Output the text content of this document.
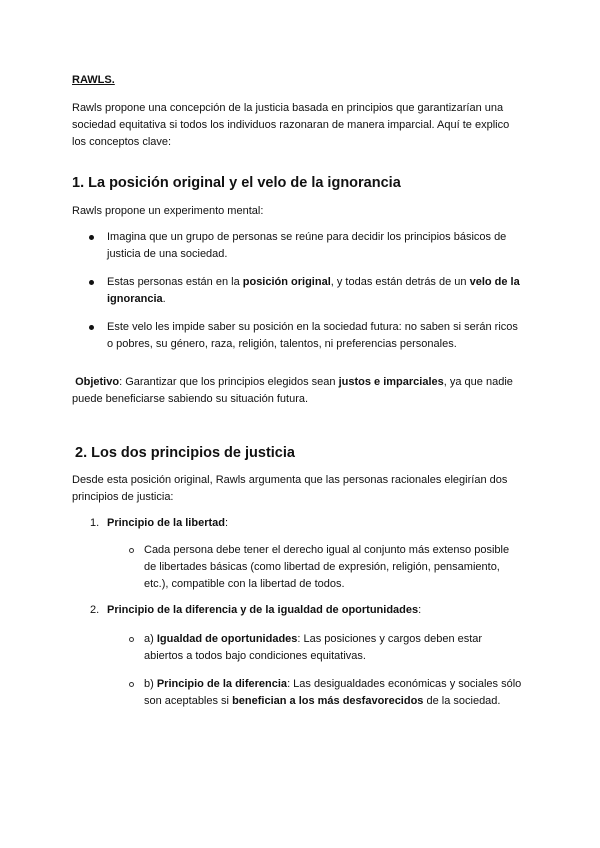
RAWLS.

Rawls propone una concepción de la justicia basada en principios que garantizarían una sociedad equitativa si todos los individuos razonaran de manera imparcial. Aquí te explico los conceptos clave:

1. La posición original y el velo de la ignorancia

Rawls propone un experimento mental:

Imagina que un grupo de personas se reúne para decidir los principios básicos de justicia de una sociedad.

Estas personas están en la posición original, y todas están detrás de un velo de la ignorancia.

Este velo les impide saber su posición en la sociedad futura: no saben si serán ricos o pobres, su género, raza, religión, talentos, ni preferencias personales.

Objetivo: Garantizar que los principios elegidos sean justos e imparciales, ya que nadie puede beneficiarse sabiendo su situación futura.

2. Los dos principios de justicia

Desde esta posición original, Rawls argumenta que las personas racionales elegirían dos principios de justicia:

1. Principio de la libertad:

Cada persona debe tener el derecho igual al conjunto más extenso posible de libertades básicas (como libertad de expresión, religión, pensamiento, etc.), compatible con la libertad de todos.

2. Principio de la diferencia y de la igualdad de oportunidades:

a) Igualdad de oportunidades: Las posiciones y cargos deben estar abiertos a todos bajo condiciones equitativas.

b) Principio de la diferencia: Las desigualdades económicas y sociales sólo son aceptables si benefician a los más desfavorecidos de la sociedad.
